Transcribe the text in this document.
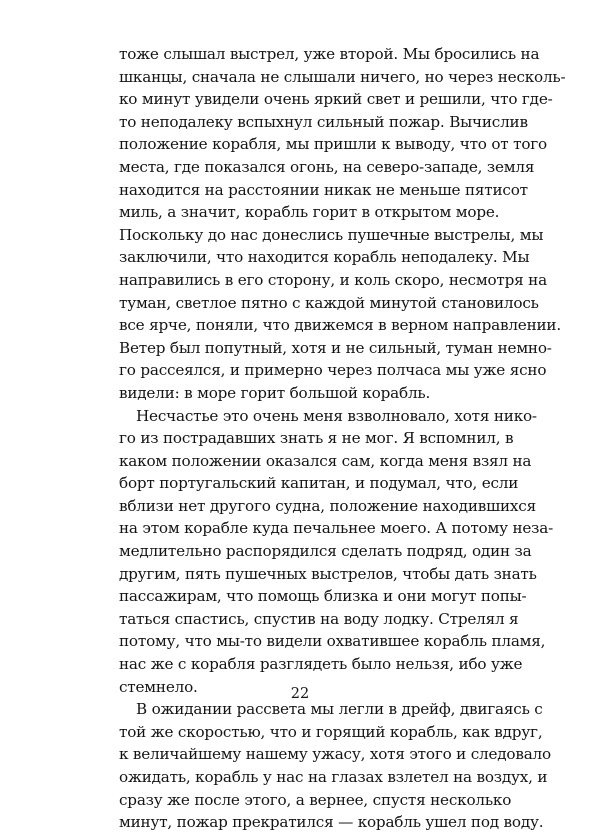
тоже слышал выстрел, уже второй. Мы бросились на
шканцы, сначала не слышали ничего, но через несколь-
ко минут увидели очень яркий свет и решили, что где-
то неподалеку вспыхнул сильный пожар. Вычислив
положение корабля, мы пришли к выводу, что от того
места, где показался огонь, на северо-западе, земля
находится на расстоянии никак не меньше пятисот
миль, а значит, корабль горит в открытом море.
Поскольку до нас донеслись пушечные выстрелы, мы
заключили, что находится корабль неподалеку. Мы
направились в его сторону, и коль скоро, несмотря на
туман, светлое пятно с каждой минутой становилось
все ярче, поняли, что движемся в верном направлении.
Ветер был попутный, хотя и не сильный, туман немно-
го рассеялся, и примерно через полчаса мы уже ясно
видели: в море горит большой корабль.
Несчастье это очень меня взволновало, хотя нико-
го из пострадавших знать я не мог. Я вспомнил, в
каком положении оказался сам, когда меня взял на
борт португальский капитан, и подумал, что, если
вблизи нет другого судна, положение находившихся
на этом корабле куда печальнее моего. А потому неза-
медлительно распорядился сделать подряд, один за
другим, пять пушечных выстрелов, чтобы дать знать
пассажирам, что помощь близка и они могут попы-
таться спастись, спустив на воду лодку. Стрелял я
потому, что мы-то видели охватившее корабль пламя,
нас же с корабля разглядеть было нельзя, ибо уже
стемнело.
В ожидании рассвета мы легли в дрейф, двигаясь с
той же скоростью, что и горящий корабль, как вдруг,
к величайшему нашему ужасу, хотя этого и следовало
ожидать, корабль у нас на глазах взлетел на воздух, и
сразу же после этого, а вернее, спустя несколько
минут, пожар прекратился — корабль ушел под воду.
22
